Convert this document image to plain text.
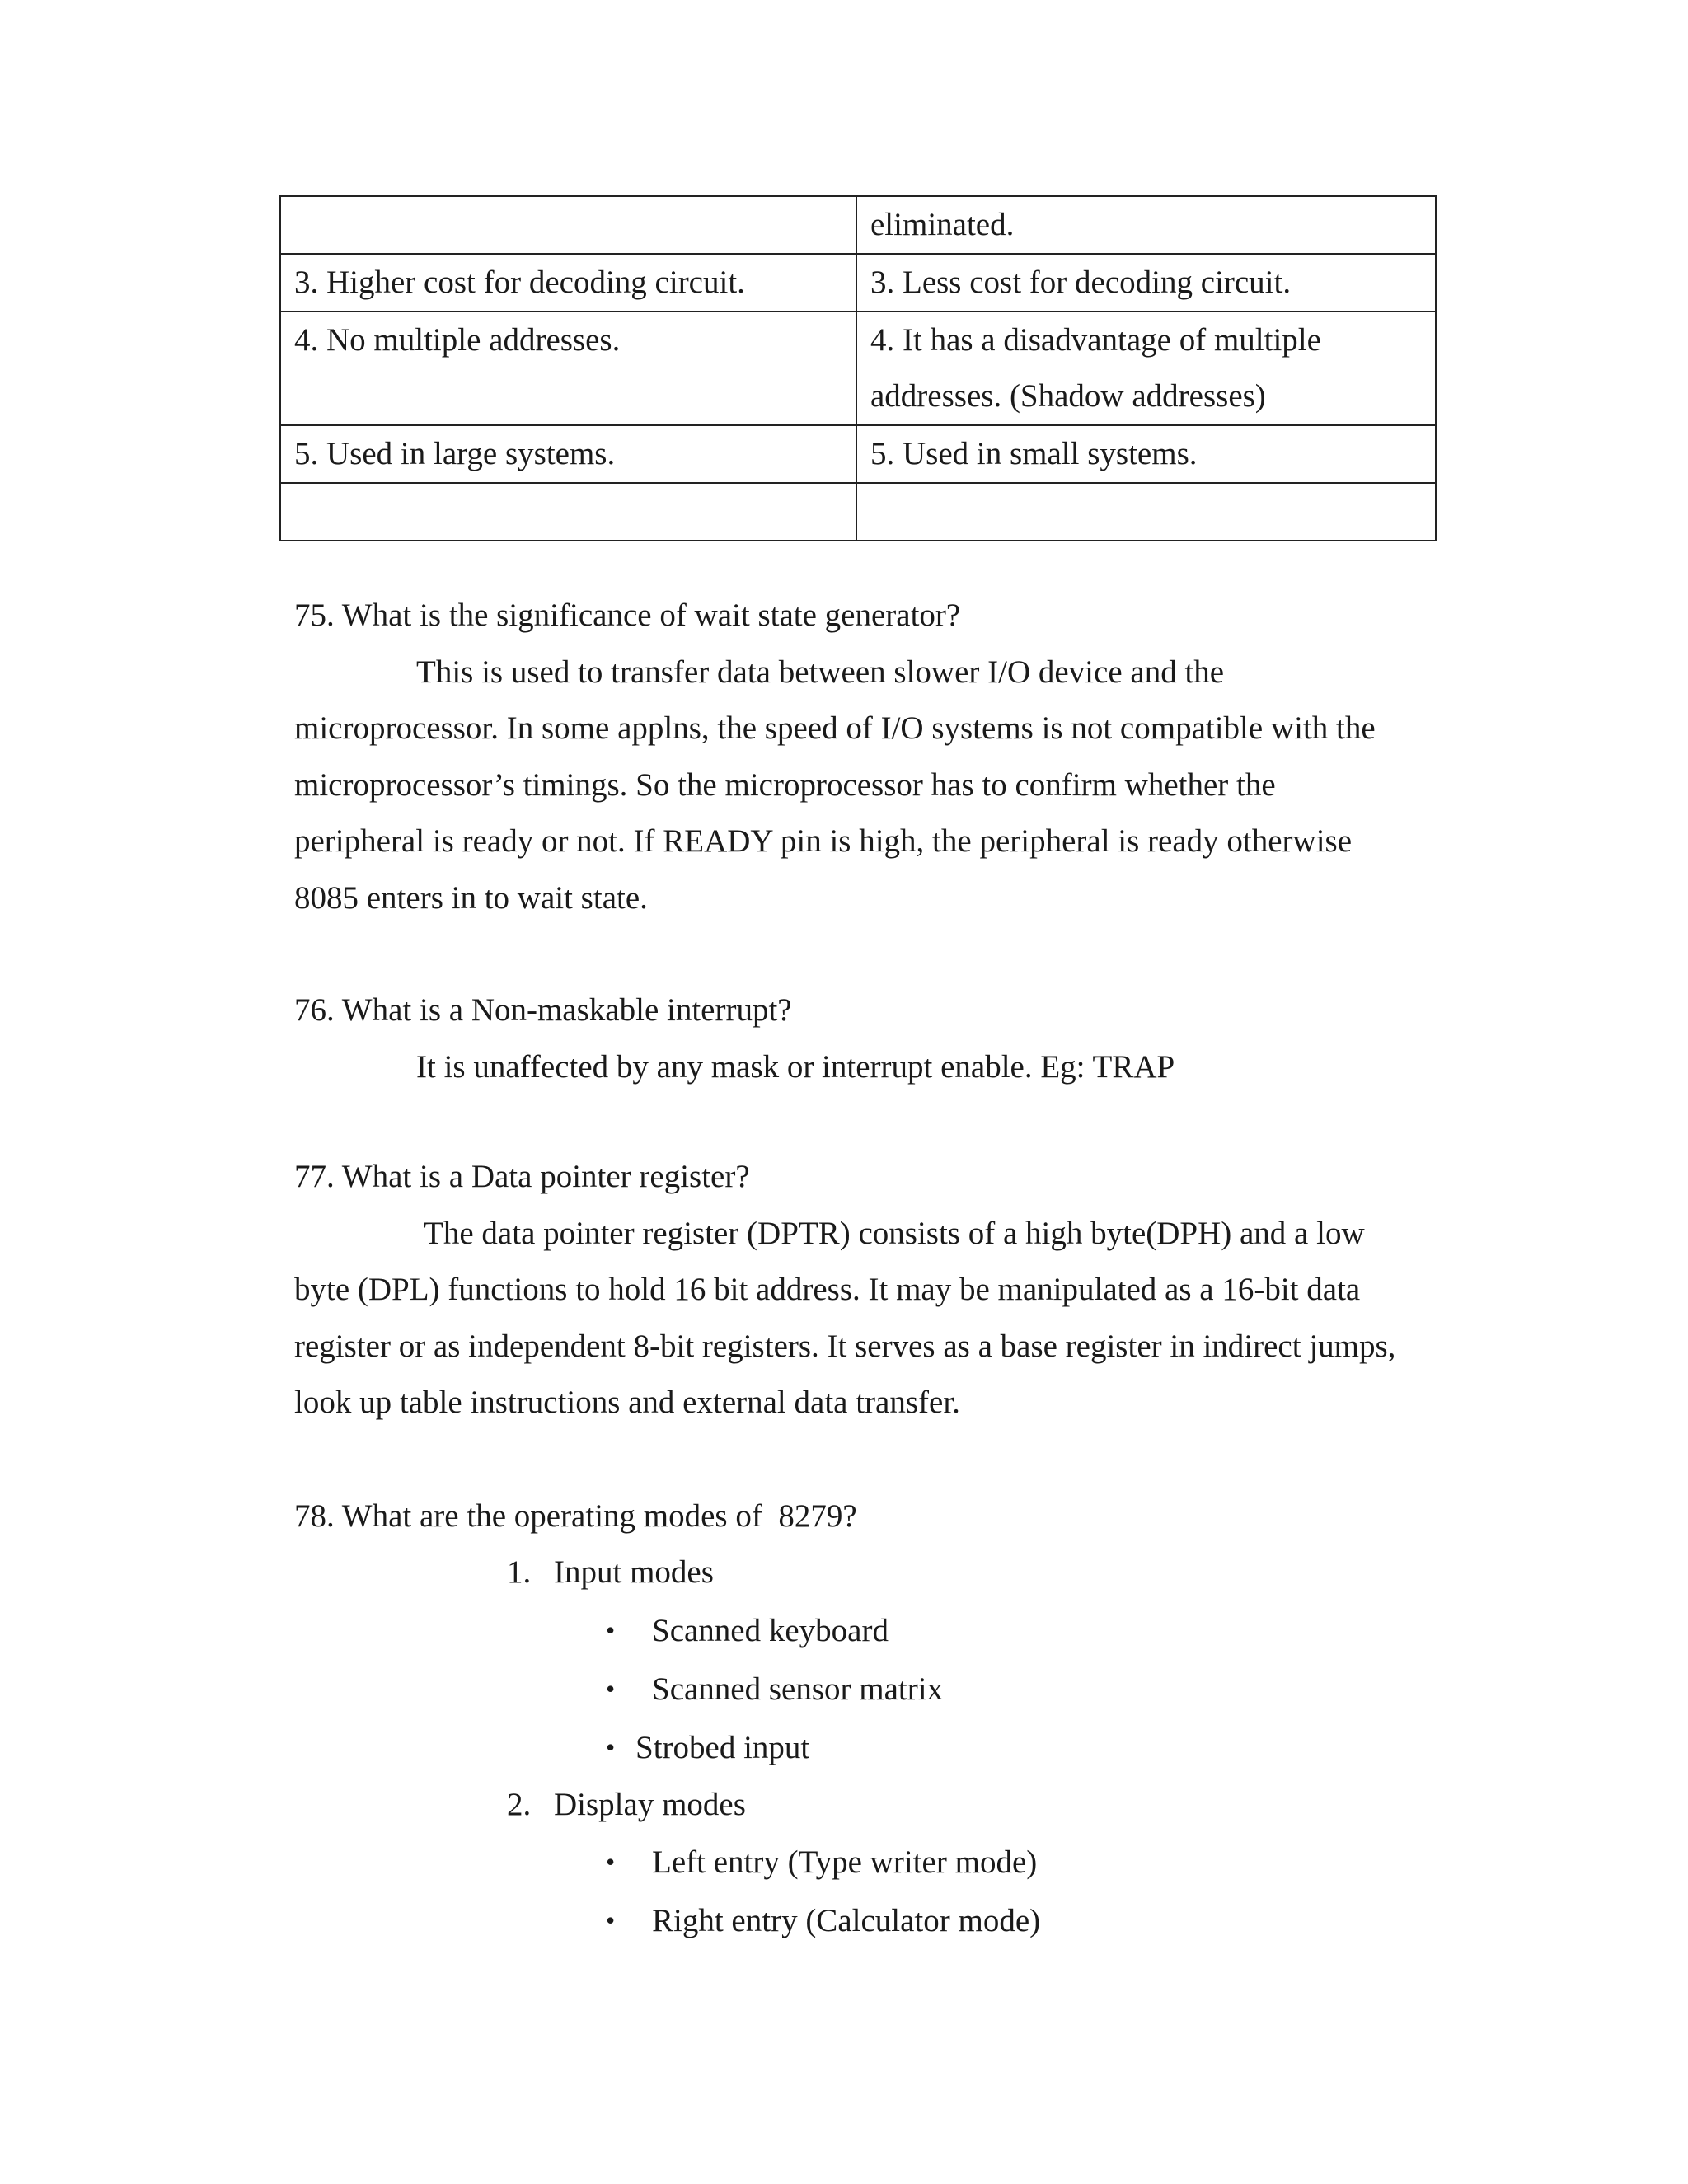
	eliminated.
3. Higher cost for decoding circuit.	3. Less cost for decoding circuit.
4. No multiple addresses.	4. It has a disadvantage of multiple
addresses. (Shadow addresses)

5. Used in large systems.	5. Used in small systems.

75. What is the significance of wait state generator?
This is used to transfer data between slower I/O device and the
microprocessor. In some applns, the speed of I/O systems is not compatible with the
microprocessor’s timings. So the microprocessor has to confirm whether the
peripheral is ready or not. If READY pin is high, the peripheral is ready otherwise
8085 enters in to wait state.
76. What is a Non-maskable interrupt?
It is unaffected by any mask or interrupt enable. Eg: TRAP
77. What is a Data pointer register?
The data pointer register (DPTR) consists of a high byte(DPH) and a low
byte (DPL) functions to hold 16 bit address. It may be manipulated as a 16-bit data
register or as independent 8-bit registers. It serves as a base register in indirect jumps,
look up table instructions and external data transfer.
78. What are the operating modes of  8279?
1. Input modes
• Scanned keyboard
• Scanned sensor matrix
• Strobed input
2. Display modes
• Left entry (Type writer mode)
• Right entry (Calculator mode)
